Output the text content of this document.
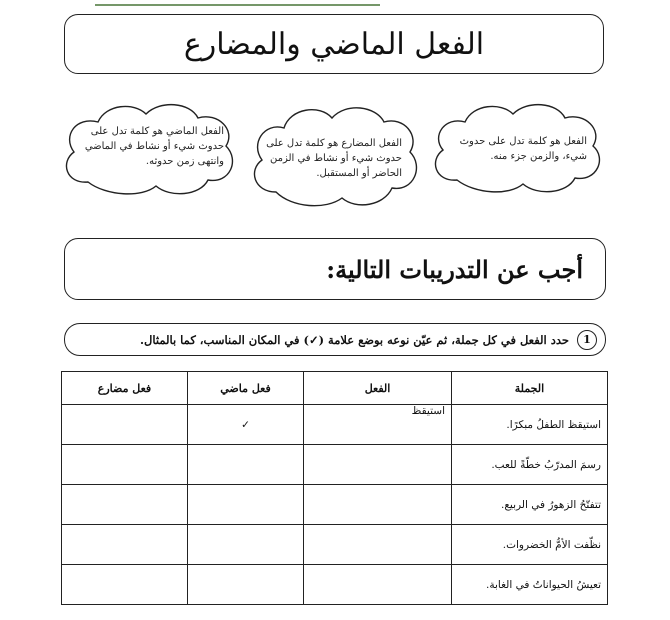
الفعل الماضي والمضارع
الفعل هو كلمة تدل على حدوث
شيء، والزمن جزء منه.
الفعل المضارع هو كلمة تدل على
حدوث شيء أو نشاط في الزمن
الحاضر أو المستقبل.
الفعل الماضي هو كلمة تدل على
حدوث شيء أو نشاط في الماضي
وانتهى زمن حدوثه.
أجب عن التدريبات التالية:
1
حدد الفعل في كل جملة، ثم عيّن نوعه بوضع علامة (✓) في المكان المناسب، كما بالمثال.
الجملة	الفعل	فعل ماضي	فعل مضارع
استيقظ الطفلُ مبكرًا.	استيقظ	✓	
رسمَ المدرّبُ خطّةً للعب.			
تتفتّحُ الزهورُ في الربيع.			
نظّفت الأمُّ الخضروات.			
تعيشُ الحيواناتُ في الغابة.			
